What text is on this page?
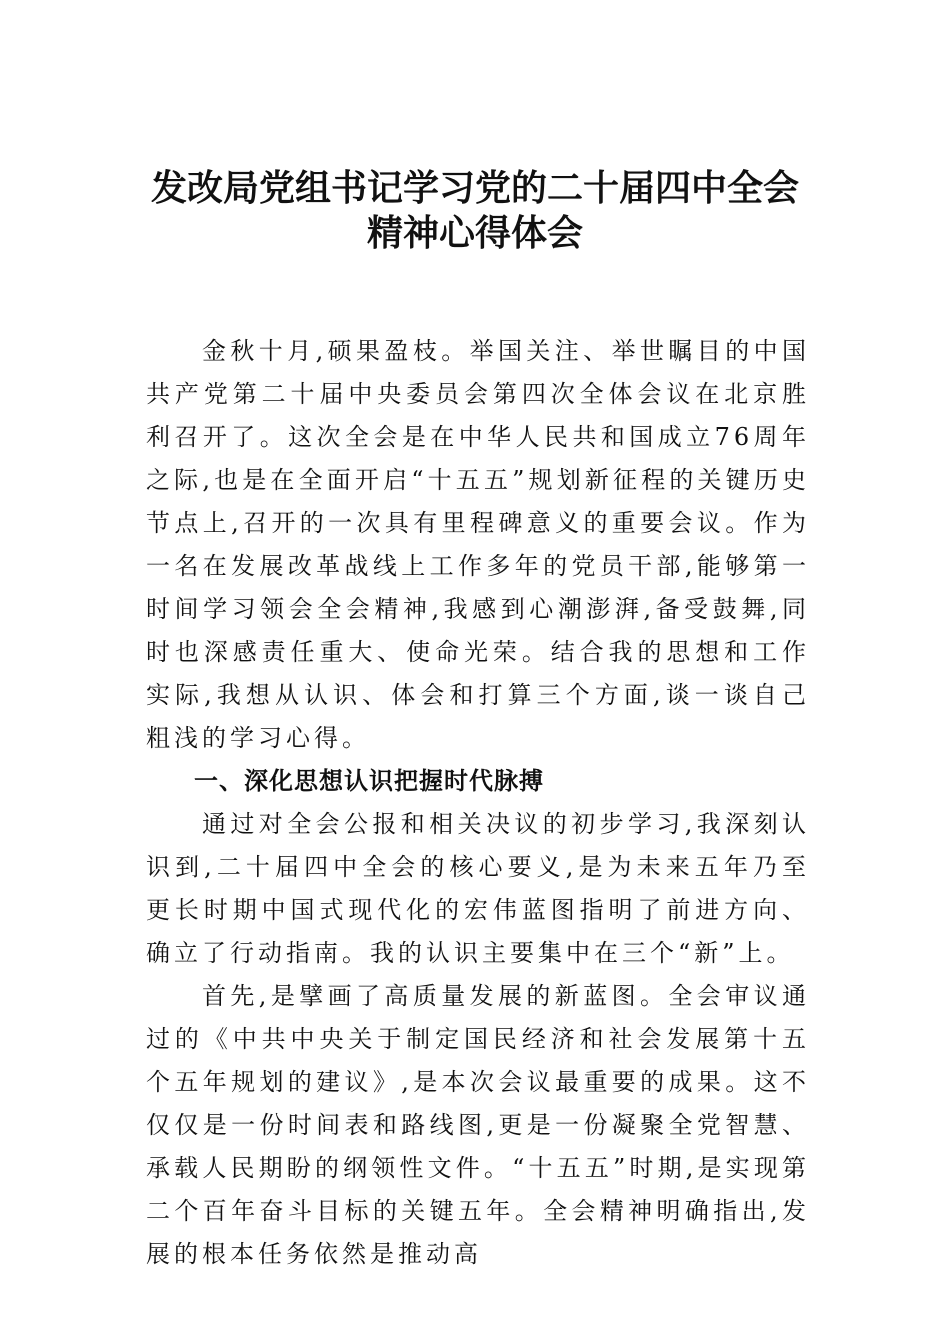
发改局党组书记学习党的二十届四中全会
精神心得体会

金秋十月,硕果盈枝。举国关注、举世瞩目的中国共产党第二十届中央委员会第四次全体会议在北京胜利召开了。这次全会是在中华人民共和国成立76周年之际,也是在全面开启“十五五”规划新征程的关键历史节点上,召开的一次具有里程碑意义的重要会议。作为一名在发展改革战线上工作多年的党员干部,能够第一时间学习领会全会精神,我感到心潮澎湃,备受鼓舞,同时也深感责任重大、使命光荣。结合我的思想和工作实际,我想从认识、体会和打算三个方面,谈一谈自己粗浅的学习心得。

一、深化思想认识把握时代脉搏

通过对全会公报和相关决议的初步学习,我深刻认识到,二十届四中全会的核心要义,是为未来五年乃至更长时期中国式现代化的宏伟蓝图指明了前进方向、确立了行动指南。我的认识主要集中在三个“新”上。

首先,是擘画了高质量发展的新蓝图。全会审议通过的《中共中央关于制定国民经济和社会发展第十五个五年规划的建议》,是本次会议最重要的成果。这不仅仅是一份时间表和路线图,更是一份凝聚全党智慧、承载人民期盼的纲领性文件。“十五五”时期,是实现第二个百年奋斗目标的关键五年。全会精神明确指出,发展的根本任务依然是推动高
